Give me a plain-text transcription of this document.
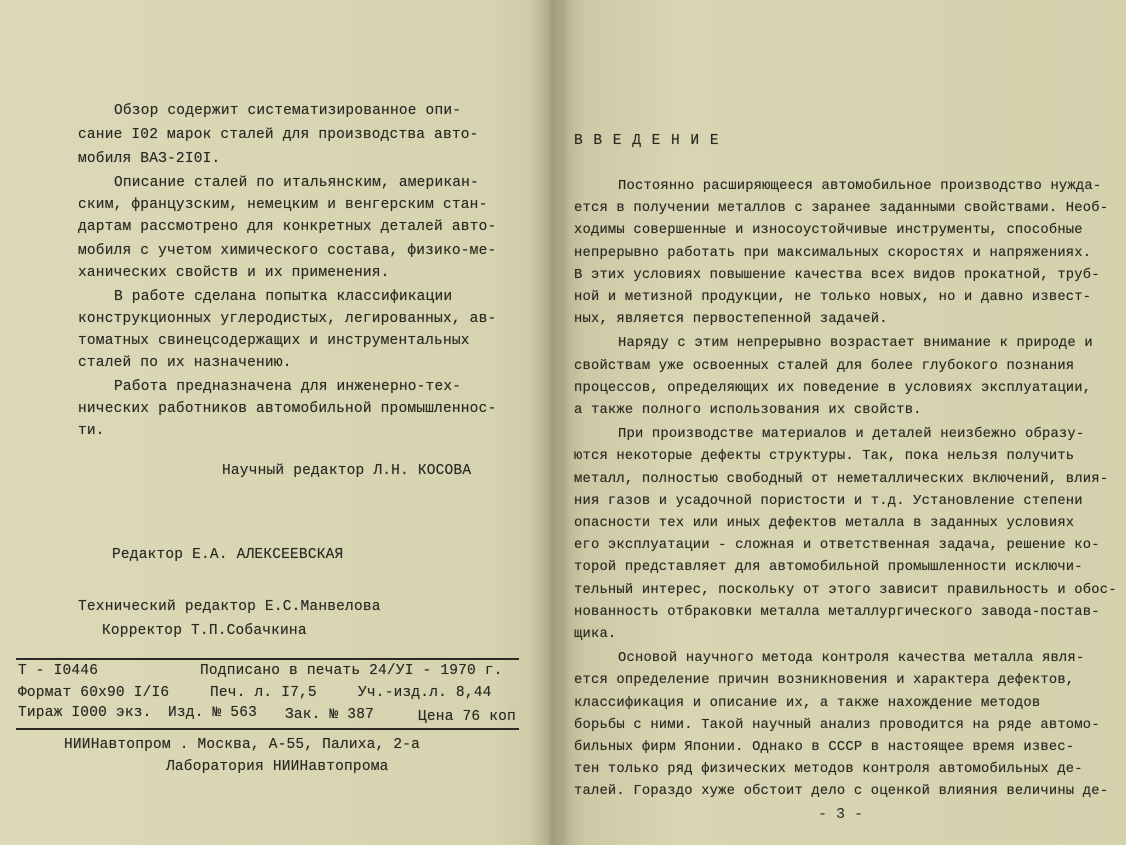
Обзор содержит систематизированное опи-
сание I02 марок сталей для производства авто-
мобиля ВАЗ-2I0I.
Описание сталей по итальянским, американ-
ским, французским, немецким и венгерским стан-
дартам рассмотрено для конкретных деталей авто-
мобиля с учетом химического состава, физико-ме-
ханических свойств и их применения.
В работе сделана попытка классификации
конструкционных углеродистых, легированных, ав-
томатных свинецсодержащих и инструментальных
сталей по их назначению.
Работа предназначена для инженерно-тех-
нических работников автомобильной промышленнос-
ти.
Научный редактор Л.Н. КОСОВА
Редактор Е.А. АЛЕКСЕЕВСКАЯ
Технический редактор Е.С.Манвелова
Корректор Т.П.Собачкина
Т - I0446	Подписано в печать 24/УI - 1970 г.
Формат 60х90 I/I6	Печ. л. I7,5	Уч.-изд.л. 8,44
Тираж I000 экз. Изд. № 563 Зак. № 387	Цена 76 коп
НИИНавтопром . Москва, А-55, Палиха, 2-а
Лаборатория НИИНавтопрома
В В Е Д Е Н И Е
Постоянно расширяющееся автомобильное производство нужда-
ется в получении металлов с заранее заданными свойствами. Необ-
ходимы совершенные и износоустойчивые инструменты, способные
непрерывно работать при максимальных скоростях и напряжениях.
В этих условиях повышение качества всех видов прокатной, труб-
ной и метизной продукции, не только новых, но и давно извест-
ных, является первостепенной задачей.
Наряду с этим непрерывно возрастает внимание к природе и
свойствам уже освоенных сталей для более глубокого познания
процессов, определяющих их поведение в условиях эксплуатации,
а также полного использования их свойств.
При производстве материалов и деталей неизбежно образу-
ются некоторые дефекты структуры. Так, пока нельзя получить
металл, полностью свободный от неметаллических включений, влия-
ния газов и усадочной пористости и т.д. Установление степени
опасности тех или иных дефектов металла в заданных условиях
его эксплуатации - сложная и ответственная задача, решение ко-
торой представляет для автомобильной промышленности исключи-
тельный интерес, поскольку от этого зависит правильность и обос-
нованность отбраковки металла металлургического завода-постав-
щика.
Основой научного метода контроля качества металла явля-
ется определение причин возникновения и характера дефектов,
классификация и описание их, а также нахождение методов
борьбы с ними. Такой научный анализ проводится на ряде автомо-
бильных фирм Японии. Однако в СССР в настоящее время извес-
тен только ряд физических методов контроля автомобильных де-
талей. Гораздо хуже обстоит дело с оценкой влияния величины де-
- 3 -
